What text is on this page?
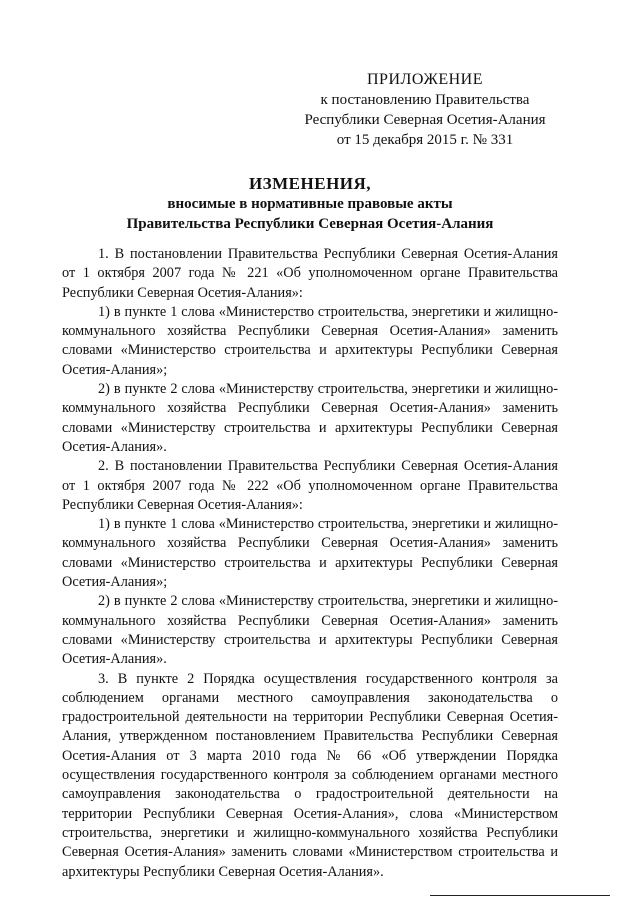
ПРИЛОЖЕНИЕ
к постановлению Правительства
Республики Северная Осетия-Алания
от 15 декабря 2015 г. № 331
ИЗМЕНЕНИЯ,
вносимые в нормативные правовые акты
Правительства Республики Северная Осетия-Алания

1. В постановлении Правительства Республики Северная Осетия-Алания от 1 октября 2007 года № 221 «Об уполномоченном органе Правительства Республики Северная Осетия-Алания»:

1) в пункте 1 слова «Министерство строительства, энергетики и жилищно-коммунального хозяйства Республики Северная Осетия-Алания» заменить словами «Министерство строительства и архитектуры Республики Северная Осетия-Алания»;

2) в пункте 2 слова «Министерству строительства, энергетики и жилищно-коммунального хозяйства Республики Северная Осетия-Алания» заменить словами «Министерству строительства и архитектуры Республики Северная Осетия-Алания».

2. В постановлении Правительства Республики Северная Осетия-Алания от 1 октября 2007 года № 222 «Об уполномоченном органе Правительства Республики Северная Осетия-Алания»:

1) в пункте 1 слова «Министерство строительства, энергетики и жилищно-коммунального хозяйства Республики Северная Осетия-Алания» заменить словами «Министерство строительства и архитектуры Республики Северная Осетия-Алания»;

2) в пункте 2 слова «Министерству строительства, энергетики и жилищно-коммунального хозяйства Республики Северная Осетия-Алания» заменить словами «Министерству строительства и архитектуры Республики Северная Осетия-Алания».

3. В пункте 2 Порядка осуществления государственного контроля за соблюдением органами местного самоуправления законодательства о градостроительной деятельности на территории Республики Северная Осетия-Алания, утвержденном постановлением Правительства Республики Северная Осетия-Алания от 3 марта 2010 года № 66 «Об утверждении Порядка осуществления государственного контроля за соблюдением органами местного самоуправления законодательства о градостроительной деятельности на территории Республики Северная Осетия-Алания», слова «Министерством строительства, энергетики и жилищно-коммунального хозяйства Республики Северная Осетия-Алания» заменить словами «Министерством строительства и архитектуры Республики Северная Осетия-Алания».
